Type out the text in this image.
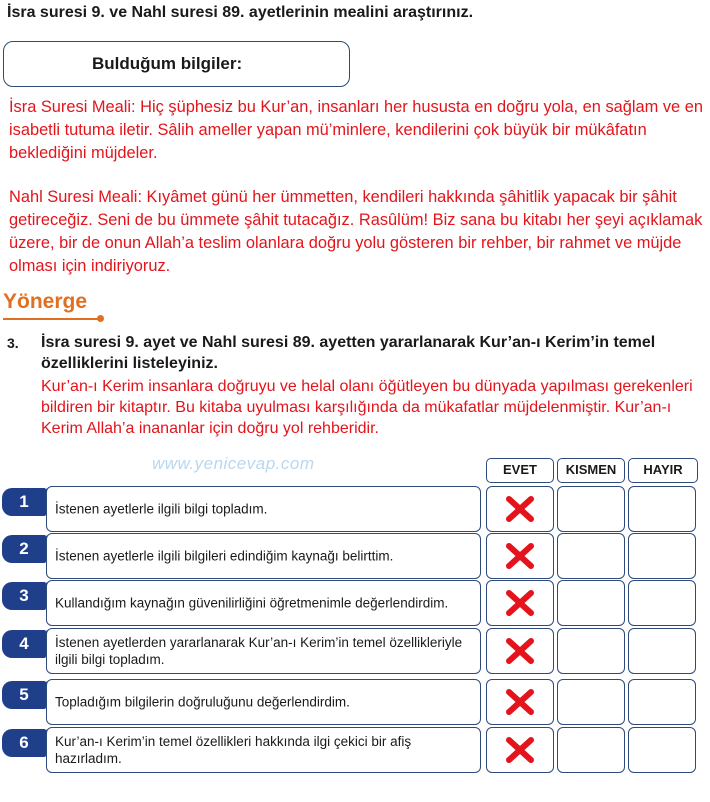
İsra suresi 9. ve Nahl suresi 89. ayetlerinin mealini araştırınız.
Bulduğum bilgiler:
İsra Suresi Meali: Hiç şüphesiz bu Kur’an, insanları her hususta en doğru yola, en sağlam ve en isabetli tutuma iletir. Sâlih ameller yapan mü’minlere, kendilerini çok büyük bir mükâfatın beklediğini müjdeler.
Nahl Suresi Meali: Kıyâmet günü her ümmetten, kendileri hakkında şâhitlik yapacak bir şâhit getireceğiz. Seni de bu ümmete şâhit tutacağız. Rasûlüm! Biz sana bu kitabı her şeyi açıklamak üzere, bir de onun Allah’a teslim olanlara doğru yolu gösteren bir rehber, bir rahmet ve müjde olması için indiriyoruz.
Yönerge
3. İsra suresi 9. ayet ve Nahl suresi 89. ayetten yararlanarak Kur’an-ı Kerim’in temel özelliklerini listeleyiniz.
Kur’an-ı Kerim insanlara doğruyu ve helal olanı öğütleyen bu dünyada yapılması gerekenleri bildiren bir kitaptır. Bu kitaba uyulması karşılığında da mükafatlar müjdelenmiştir. Kur’an-ı Kerim Allah’a inananlar için doğru yol rehberidir.
www.yenicevap.com	EVET	KISMEN	HAYIR
1	İstenen ayetlerle ilgili bilgi topladım.
2	İstenen ayetlerle ilgili bilgileri edindiğim kaynağı belirttim.
3	Kullandığım kaynağın güvenilirliğini öğretmenimle değerlendirdim.
4	İstenen ayetlerden yararlanarak Kur’an-ı Kerim’in temel özellikleriyle ilgili bilgi topladım.
5	Topladığım bilgilerin doğruluğunu değerlendirdim.
6	Kur’an-ı Kerim’in temel özellikleri hakkında ilgi çekici bir afiş hazırladım.
